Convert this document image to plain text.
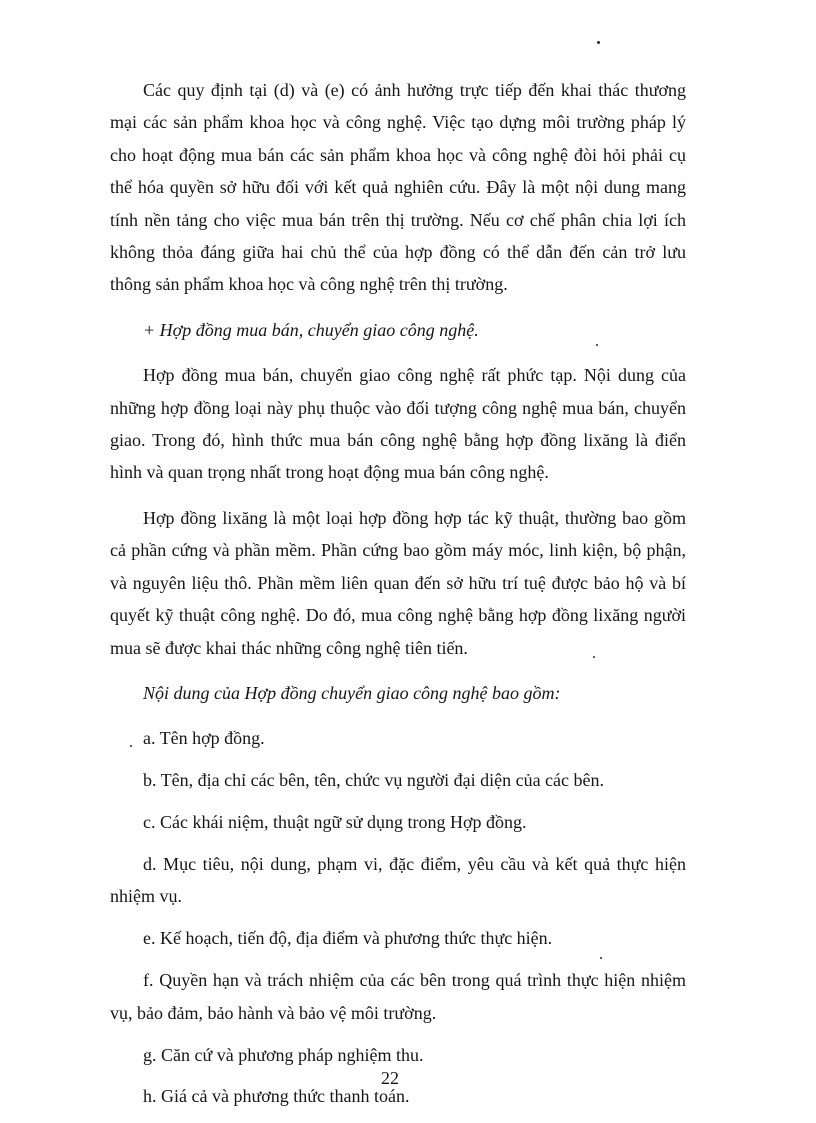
Các quy định tại (d) và (e) có ảnh hưởng trực tiếp đến khai thác thương mại các sản phẩm khoa học và công nghệ. Việc tạo dựng môi trường pháp lý cho hoạt động mua bán các sản phẩm khoa học và công nghệ đòi hỏi phải cụ thể hóa quyền sở hữu đối với kết quả nghiên cứu. Đây là một nội dung mang tính nền tảng cho việc mua bán trên thị trường. Nếu cơ chế phân chia lợi ích không thỏa đáng giữa hai chủ thể của hợp đồng có thể dẫn đến cản trở lưu thông sản phẩm khoa học và công nghệ trên thị trường.

+ Hợp đồng mua bán, chuyển giao công nghệ.

Hợp đồng mua bán, chuyển giao công nghệ rất phức tạp. Nội dung của những hợp đồng loại này phụ thuộc vào đối tượng công nghệ mua bán, chuyển giao. Trong đó, hình thức mua bán công nghệ bằng hợp đồng lixăng là điển hình và quan trọng nhất trong hoạt động mua bán công nghệ.

Hợp đồng lixăng là một loại hợp đồng hợp tác kỹ thuật, thường bao gồm cả phần cứng và phần mềm. Phần cứng bao gồm máy móc, linh kiện, bộ phận, và nguyên liệu thô. Phần mềm liên quan đến sở hữu trí tuệ được bảo hộ và bí quyết kỹ thuật công nghệ. Do đó, mua công nghệ bằng hợp đồng lixăng người mua sẽ được khai thác những công nghệ tiên tiến.

Nội dung của Hợp đồng chuyển giao công nghệ bao gồm:

a. Tên hợp đồng.

b. Tên, địa chỉ các bên, tên, chức vụ người đại diện của các bên.

c. Các khái niệm, thuật ngữ sử dụng trong Hợp đồng.

d. Mục tiêu, nội dung, phạm vi, đặc điểm, yêu cầu và kết quả thực hiện nhiệm vụ.

e. Kế hoạch, tiến độ, địa điểm và phương thức thực hiện.

f. Quyền hạn và trách nhiệm của các bên trong quá trình thực hiện nhiệm vụ, bảo đảm, bảo hành và bảo vệ môi trường.

g. Căn cứ và phương pháp nghiệm thu.

h. Giá cả và phương thức thanh toán.

22
